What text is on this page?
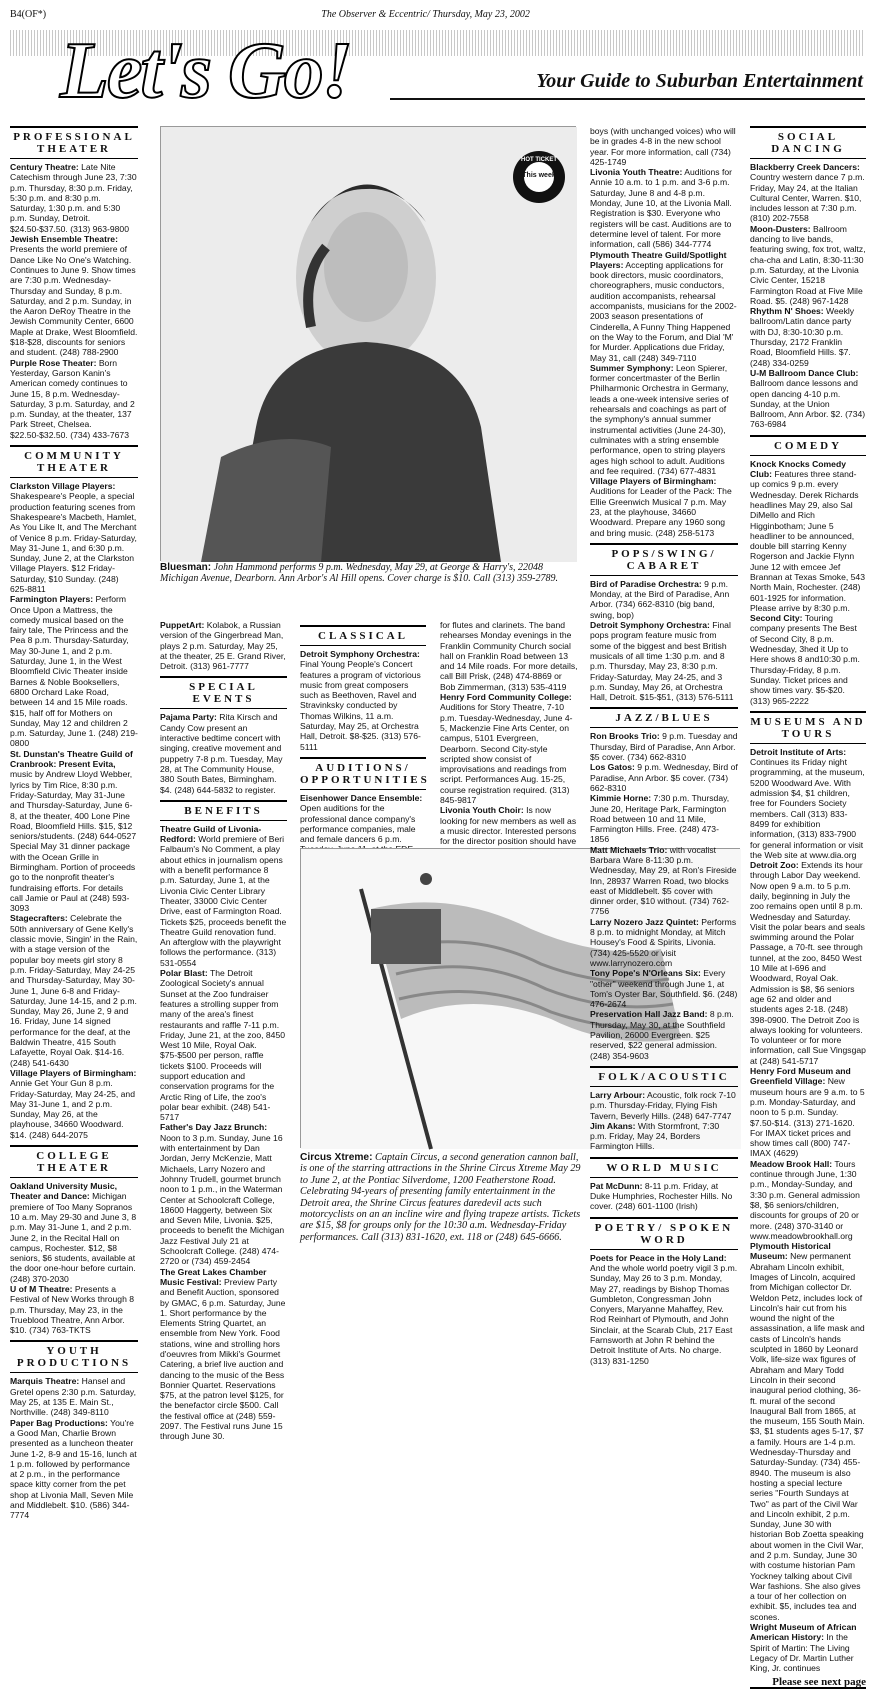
B4(OF*)	The Observer & Eccentric/ Thursday, May 23, 2002
Let's Go!	Your Guide to Suburban Entertainment
PROFESSIONAL THEATER
Century Theatre: Late Nite Catechism through June 23, 7:30 p.m. Thursday, 8:30 p.m. Friday, 5:30 p.m. and 8:30 p.m. Saturday, 1:30 p.m. and 5:30 p.m. Sunday, Detroit. $24.50-$37.50. (313) 963-9800
Jewish Ensemble Theatre: Presents the world premiere of Dance Like No One's Watching. Continues to June 9. Show times are 7:30 p.m. Wednesday-Thursday and Sunday, 8 p.m. Saturday, and 2 p.m. Sunday, in the Aaron DeRoy Theatre in the Jewish Community Center, 6600 Maple at Drake, West Bloomfield. $18-$28, discounts for seniors and student. (248) 788-2900
Purple Rose Theater: Born Yesterday, Garson Kanin's American comedy continues to June 15, 8 p.m. Wednesday-Saturday, 3 p.m. Saturday, and 2 p.m. Sunday, at the theater, 137 Park Street, Chelsea. $22.50-$32.50. (734) 433-7673
COMMUNITY THEATER
Clarkston Village Players: Shakespeare's People, a special production featuring scenes from Shakespeare's Macbeth, Hamlet, As You Like It, and The Merchant of Venice 8 p.m. Friday-Saturday, May 31-June 1, and 6:30 p.m. Sunday, June 2, at the Clarkston Village Players. $12 Friday-Saturday, $10 Sunday. (248) 625-8811
Farmington Players: Perform Once Upon a Mattress, the comedy musical based on the fairy tale, The Princess and the Pea 8 p.m. Thursday-Saturday, May 30-June 1, and 2 p.m. Saturday, June 1, in the West Bloomfield Civic Theater inside Barnes & Noble Booksellers, 6800 Orchard Lake Road, between 14 and 15 Mile roads. $15, half off for Mothers on Sunday, May 12 and children 2 p.m. Saturday, June 1. (248) 219-0800
St. Dunstan's Theatre Guild of Cranbrook: Present Evita, music by Andrew Lloyd Webber, lyrics by Tim Rice, 8:30 p.m. Friday-Saturday, May 31-June and Thursday-Saturday, June 6-8, at the theater, 400 Lone Pine Road, Bloomfield Hills. $15, $12 seniors/students. (248) 644-0527 Special May 31 dinner package with the Ocean Grille in Birmingham. Portion of proceeds go to the nonprofit theater's fundraising efforts. For details call Jamie or Paul at (248) 593-3093
Stagecrafters: Celebrate the 50th anniversary of Gene Kelly's classic movie, Singin' in the Rain, with a stage version of the popular boy meets girl story 8 p.m. Friday-Saturday, May 24-25 and Thursday-Saturday, May 30-June 1, June 6-8 and Friday-Saturday, June 14-15, and 2 p.m. Sunday, May 26, June 2, 9 and 16. Friday, June 14 signed performance for the deaf, at the Baldwin Theatre, 415 South Lafayette, Royal Oak. $14-16. (248) 541-6430
Village Players of Birmingham: Annie Get Your Gun 8 p.m. Friday-Saturday, May 24-25, and May 31-June 1, and 2 p.m. Sunday, May 26, at the playhouse, 34660 Woodward. $14. (248) 644-2075
COLLEGE THEATER
Oakland University Music, Theater and Dance: Michigan premiere of Too Many Sopranos 10 a.m. May 29-30 and June 3, 8 p.m. May 31-June 1, and 2 p.m. June 2, in the Recital Hall on campus, Rochester. $12, $8 seniors, $6 students, available at the door one-hour before curtain. (248) 370-2030
U of M Theatre: Presents a Festival of New Works through 8 p.m. Thursday, May 23, in the Trueblood Theatre, Ann Arbor. $10. (734) 763-TKTS
YOUTH PRODUCTIONS
Marquis Theatre: Hansel and Gretel opens 2:30 p.m. Saturday, May 25, at 135 E. Main St., Northville. (248) 349-8110
Paper Bag Productions: You're a Good Man, Charlie Brown presented as a luncheon theater June 1-2, 8-9 and 15-16, lunch at 1 p.m. followed by performance at 2 p.m., in the performance space kitty corner from the pet shop at Livonia Mall, Seven Mile and Middlebelt. $10. (586) 344-7774
HOT TICKET
This week
Bluesman: John Hammond performs 9 p.m. Wednesday, May 29, at George & Harry's, 22048 Michigan Avenue, Dearborn. Ann Arbor's Al Hill opens. Cover charge is $10. Call (313) 359-2789.
PuppetArt: Kolabok, a Russian version of the Gingerbread Man, plays 2 p.m. Saturday, May 25, at the theater, 25 E. Grand River, Detroit. (313) 961-7777
SPECIAL EVENTS
Pajama Party: Rita Kirsch and Candy Cow present an interactive bedtime concert with singing, creative movement and puppetry 7-8 p.m. Tuesday, May 28, at The Community House, 380 South Bates, Birmingham. $4. (248) 644-5832 to register.
BENEFITS
Theatre Guild of Livonia-Redford: World premiere of Beri Falbaum's No Comment, a play about ethics in journalism opens with a benefit performance 8 p.m. Saturday, June 1, at the Livonia Civic Center Library Theater, 33000 Civic Center Drive, east of Farmington Road. Tickets $25, proceeds benefit the Theatre Guild renovation fund. An afterglow with the playwright follows the performance. (313) 531-0554
Polar Blast: The Detroit Zoological Society's annual Sunset at the Zoo fundraiser features a strolling supper from many of the area's finest restaurants and raffle 7-11 p.m. Friday, June 21, at the zoo, 8450 West 10 Mile, Royal Oak. $75-$500 per person, raffle tickets $100. Proceeds will support education and conservation programs for the Arctic Ring of Life, the zoo's polar bear exhibit. (248) 541-5717
Father's Day Jazz Brunch: Noon to 3 p.m. Sunday, June 16 with entertainment by Dan Jordan, Jerry McKenzie, Matt Michaels, Larry Nozero and Johnny Trudell, gourmet brunch noon to 1 p.m., in the Waterman Center at Schoolcraft College, 18600 Haggerty, between Six and Seven Mile, Livonia. $25, proceeds to benefit the Michigan Jazz Festival July 21 at Schoolcraft College. (248) 474-2720 or (734) 459-2454
The Great Lakes Chamber Music Festival: Preview Party and Benefit Auction, sponsored by GMAC, 6 p.m. Saturday, June 1. Short performance by the Elements String Quartet, an ensemble from New York. Food stations, wine and strolling hors d'oeuvres from Mikki's Gourmet Catering, a brief live auction and dancing to the music of the Bess Bonnier Quartet. Reservations $75, at the patron level $125, for the benefactor circle $500. Call the festival office at (248) 559-2097. The Festival runs June 15 through June 30.
CLASSICAL
Detroit Symphony Orchestra: Final Young People's Concert features a program of victorious music from great composers such as Beethoven, Ravel and Stravinksky conducted by Thomas Wilkins, 11 a.m. Saturday, May 25, at Orchestra Hall, Detroit. $8-$25. (313) 576-5111
AUDITIONS/ OPPORTUNITIES
Eisenhower Dance Ensemble: Open auditions for the professional dance company's performance companies, male and female dancers 6 p.m.
for flutes and clarinets. The band rehearses Monday evenings in the Franklin Community Church social hall on Franklin Road between 13 and 14 Mile roads. For more details, call Bill Prisk, (248) 474-8869 or Bob Zimmerman, (313) 535-4119
Henry Ford Community College: Auditions for Story Theatre, 7-10 p.m. Tuesday-Wednesday, June 4-5, Mackenzie Fine Arts Center, on campus, 5101 Evergreen, Dearborn. Second City-style scripted show consist of improvisations and readings from script. Performances Aug. 15-25, course registration required. (313) 845-9817
Livonia Youth Choir: Is now looking for new members as well as a music director. Interested persons for the director position should have
Circus Xtreme: Captain Circus, a second generation cannon ball, is one of the starring attractions in the Shrine Circus Xtreme May 29 to June 2, at the Pontiac Silverdome, 1200 Featherstone Road. Celebrating 94-years of presenting family entertainment in the Detroit area, the Shrine Circus features daredevil acts such motorcyclists on an an incline wire and flying trapeze artists. Tickets are $15, $8 for groups only for the 10:30 a.m. Wednesday-Friday performances. Call (313) 831-1620, ext. 118 or (248) 645-6666.
boys (with unchanged voices) who will be in grades 4-8 in the new school year. For more information, call (734) 425-1749
Livonia Youth Theatre: Auditions for Annie 10 a.m. to 1 p.m. and 3-6 p.m. Saturday, June 8 and 4-8 p.m. Monday, June 10, at the Livonia Mall. Registration is $30. Everyone who registers will be cast. Auditions are to determine level of talent. For more information, call (586) 344-7774
Plymouth Theatre Guild/Spotlight Players: Accepting applications for book directors, music coordinators, choreographers, music conductors, audition accompanists, rehearsal accompanists, musicians for the 2002-2003 season presentations of Cinderella, A Funny Thing Happened on the Way to the Forum, and Dial 'M' for Murder. Applications due Friday, May 31, call (248) 349-7110
Summer Symphony: Leon Spierer, former concertmaster of the Berlin Philharmonic Orchestra in Germany, leads a one-week intensive series of rehearsals and coachings as part of the symphony's annual summer instrumental activities (June 24-30), culminates with a string ensemble performance, open to string players ages high school to adult. Auditions and fee required. (734) 677-4831
Village Players of Birmingham: Auditions for Leader of the Pack: The Ellie Greenwich Musical 7 p.m. May 23, at the playhouse, 34660 Woodward. Prepare any 1960 song and bring music. (248) 258-5173
POPS/SWING/ CABARET
Bird of Paradise Orchestra: 9 p.m. Monday, at the Bird of Paradise, Ann Arbor. (734) 662-8310 (big band, swing, bop)
Detroit Symphony Orchestra: Final pops program feature music from some of the biggest and best British musicals of all time 1:30 p.m. and 8 p.m. Thursday, May 23, 8:30 p.m. Friday-Saturday, May 24-25, and 3 p.m. Sunday, May 26, at Orchestra Hall, Detroit. $15-$51, (313) 576-5111
JAZZ/BLUES
Ron Brooks Trio: 9 p.m. Tuesday and Thursday, Bird of Paradise, Ann Arbor. $5 cover. (734) 662-8310
Los Gatos: 9 p.m. Wednesday, Bird of Paradise, Ann Arbor. $5 cover. (734) 662-8310
Kimmie Horne: 7:30 p.m. Thursday, June 20, Heritage Park, Farmington Road between 10 and 11 Mile, Farmington Hills. Free. (248) 473-1856
Matt Michaels Trio: with vocalist Barbara Ware 8-11:30 p.m. Wednesday, May 29, at Ron's Fireside Inn, 28937 Warren Road, two blocks east of Middlebelt. $5 cover with dinner order, $10 without. (734) 762-7756
Larry Nozero Jazz Quintet: Performs 8 p.m. to midnight Monday, at Mitch Housey's Food & Spirits, Livonia. (734) 425-5520 or visit www.larrynozero.com
Tony Pope's N'Orleans Six: Every "other" weekend through June 1, at Tom's Oyster Bar, Southfield. $6. (248) 476-2674
Preservation Hall Jazz Band: 8 p.m. Thursday, May 30, at the Southfield Pavilion, 26000 Evergreen. $25 reserved, $22 general admission. (248) 354-9603
FOLK/ACOUSTIC
Larry Arbour: Acoustic, folk rock 7-10 p.m. Thursday-Friday, Flying Fish Tavern, Beverly Hills. (248) 647-7747
Jim Akans: With Stormfront, 7:30 p.m. Friday, May 24, Borders Farmington Hills.
WORLD MUSIC
Pat McDunn: 8-11 p.m. Friday, at Duke Humphries, Rochester Hills. No cover. (248) 601-1100 (Irish)
POETRY/ SPOKEN WORD
Poets for Peace in the Holy Land: And the whole world poetry vigil 3 p.m. Sunday, May 26 to 3 p.m. Monday, May 27, readings by Bishop Thomas Gumbleton, Congressman John Conyers, Maryanne Mahaffey, Rev. Rod Reinhart of Plymouth, and John Sinclair, at the Scarab Club, 217 East Farnsworth at John R behind the Detroit Institute of Arts. No charge. (313) 831-1250
SOCIAL DANCING
Blackberry Creek Dancers: Country western dance 7 p.m. Friday, May 24, at the Italian Cultural Center, Warren. $10, includes lesson at 7:30 p.m. (810) 202-7558
Moon-Dusters: Ballroom dancing to live bands, featuring swing, fox trot, waltz, cha-cha and Latin, 8:30-11:30 p.m. Saturday, at the Livonia Civic Center, 15218 Farmington Road at Five Mile Road. $5. (248) 967-1428
Rhythm N' Shoes: Weekly ballroom/Latin dance party with DJ, 8:30-10:30 p.m. Thursday, 2172 Franklin Road, Bloomfield Hills. $7. (248) 334-0259
U-M Ballroom Dance Club: Ballroom dance lessons and open dancing 4-10 p.m. Sunday, at the Union Ballroom, Ann Arbor. $2. (734) 763-6984
COMEDY
Knock Knocks Comedy Club: Features three stand-up comics 9 p.m. every Wednesday. Derek Richards headlines May 29, also Sal DiMello and Rich Higginbotham; June 5 headliner to be announced, double bill starring Kenny Rogerson and Jackie Flynn June 12 with emcee Jef Brannan at Texas Smoke, 543 North Main, Rochester. (248) 601-1925 for information. Please arrive by 8:30 p.m.
Second City: Touring company presents The Best of Second City, 8 p.m. Wednesday, 3hed it Up to Here shows 8 and10:30 p.m. Thursday-Friday, 8 p.m. Sunday. Ticket prices and show times vary. $5-$20. (313) 965-2222
MUSEUMS AND TOURS
Detroit Institute of Arts: Continues its Friday night programming, at the museum, 5200 Woodward Ave. With admission $4, $1 children, free for Founders Society members. Call (313) 833-8499 for exhibition information, (313) 833-7900 for general information or visit the Web site at www.dia.org
Detroit Zoo: Extends its hour through Labor Day weekend. Now open 9 a.m. to 5 p.m. daily, beginning in July the zoo remains open until 8 p.m. Wednesday and Saturday. Visit the polar bears and seals swimming around the Polar Passage, a 70-ft. see through tunnel, at the zoo, 8450 West 10 Mile at I-696 and Woodward, Royal Oak. Admission is $8, $6 seniors age 62 and older and students ages 2-18. (248) 398-0900. The Detroit Zoo is always looking for volunteers. To volunteer or for more information, call Sue Vingsgap at (248) 541-5717
Henry Ford Museum and Greenfield Village: New museum hours are 9 a.m. to 5 p.m. Monday-Saturday, and noon to 5 p.m. Sunday. $7.50-$14. (313) 271-1620. For IMAX ticket prices and show times call (800) 747-IMAX (4629)
Meadow Brook Hall: Tours continue through June, 1:30 p.m., Monday-Sunday, and 3:30 p.m. General admission $8, $6 seniors/children, discounts for groups of 20 or more. (248) 370-3140 or www.meadowbrookhall.org
Plymouth Historical Museum: New permanent Abraham Lincoln exhibit, Images of Lincoln, acquired from Michigan collector Dr. Weldon Petz, includes lock of Lincoln's hair cut from his wound the night of the assassination, a life mask and casts of Lincoln's hands sculpted in 1860 by Leonard Volk, life-size wax figures of Abraham and Mary Todd Lincoln in their second inaugural period clothing, 36-ft. mural of the second Inaugural Ball from 1865, at the museum, 155 South Main. $3, $1 students ages 5-17, $7 a family. Hours are 1-4 p.m. Wednesday-Thursday and Saturday-Sunday. (734) 455-8940. The museum is also hosting a special lecture series "Fourth Sundays at Two" as part of the Civil War and Lincoln exhibit, 2 p.m. Sunday, June 30 with historian Bob Zoetta speaking about women in the Civil War, and 2 p.m. Sunday, June 30 with costume historian Pam Yockney talking about Civil War fashions. She also gives a tour of her collection on exhibit. $5, includes tea and scones.
Wright Museum of African American History: In the Spirit of Martin: The Living Legacy of Dr. Martin Luther King, Jr. continues
Please see next page
